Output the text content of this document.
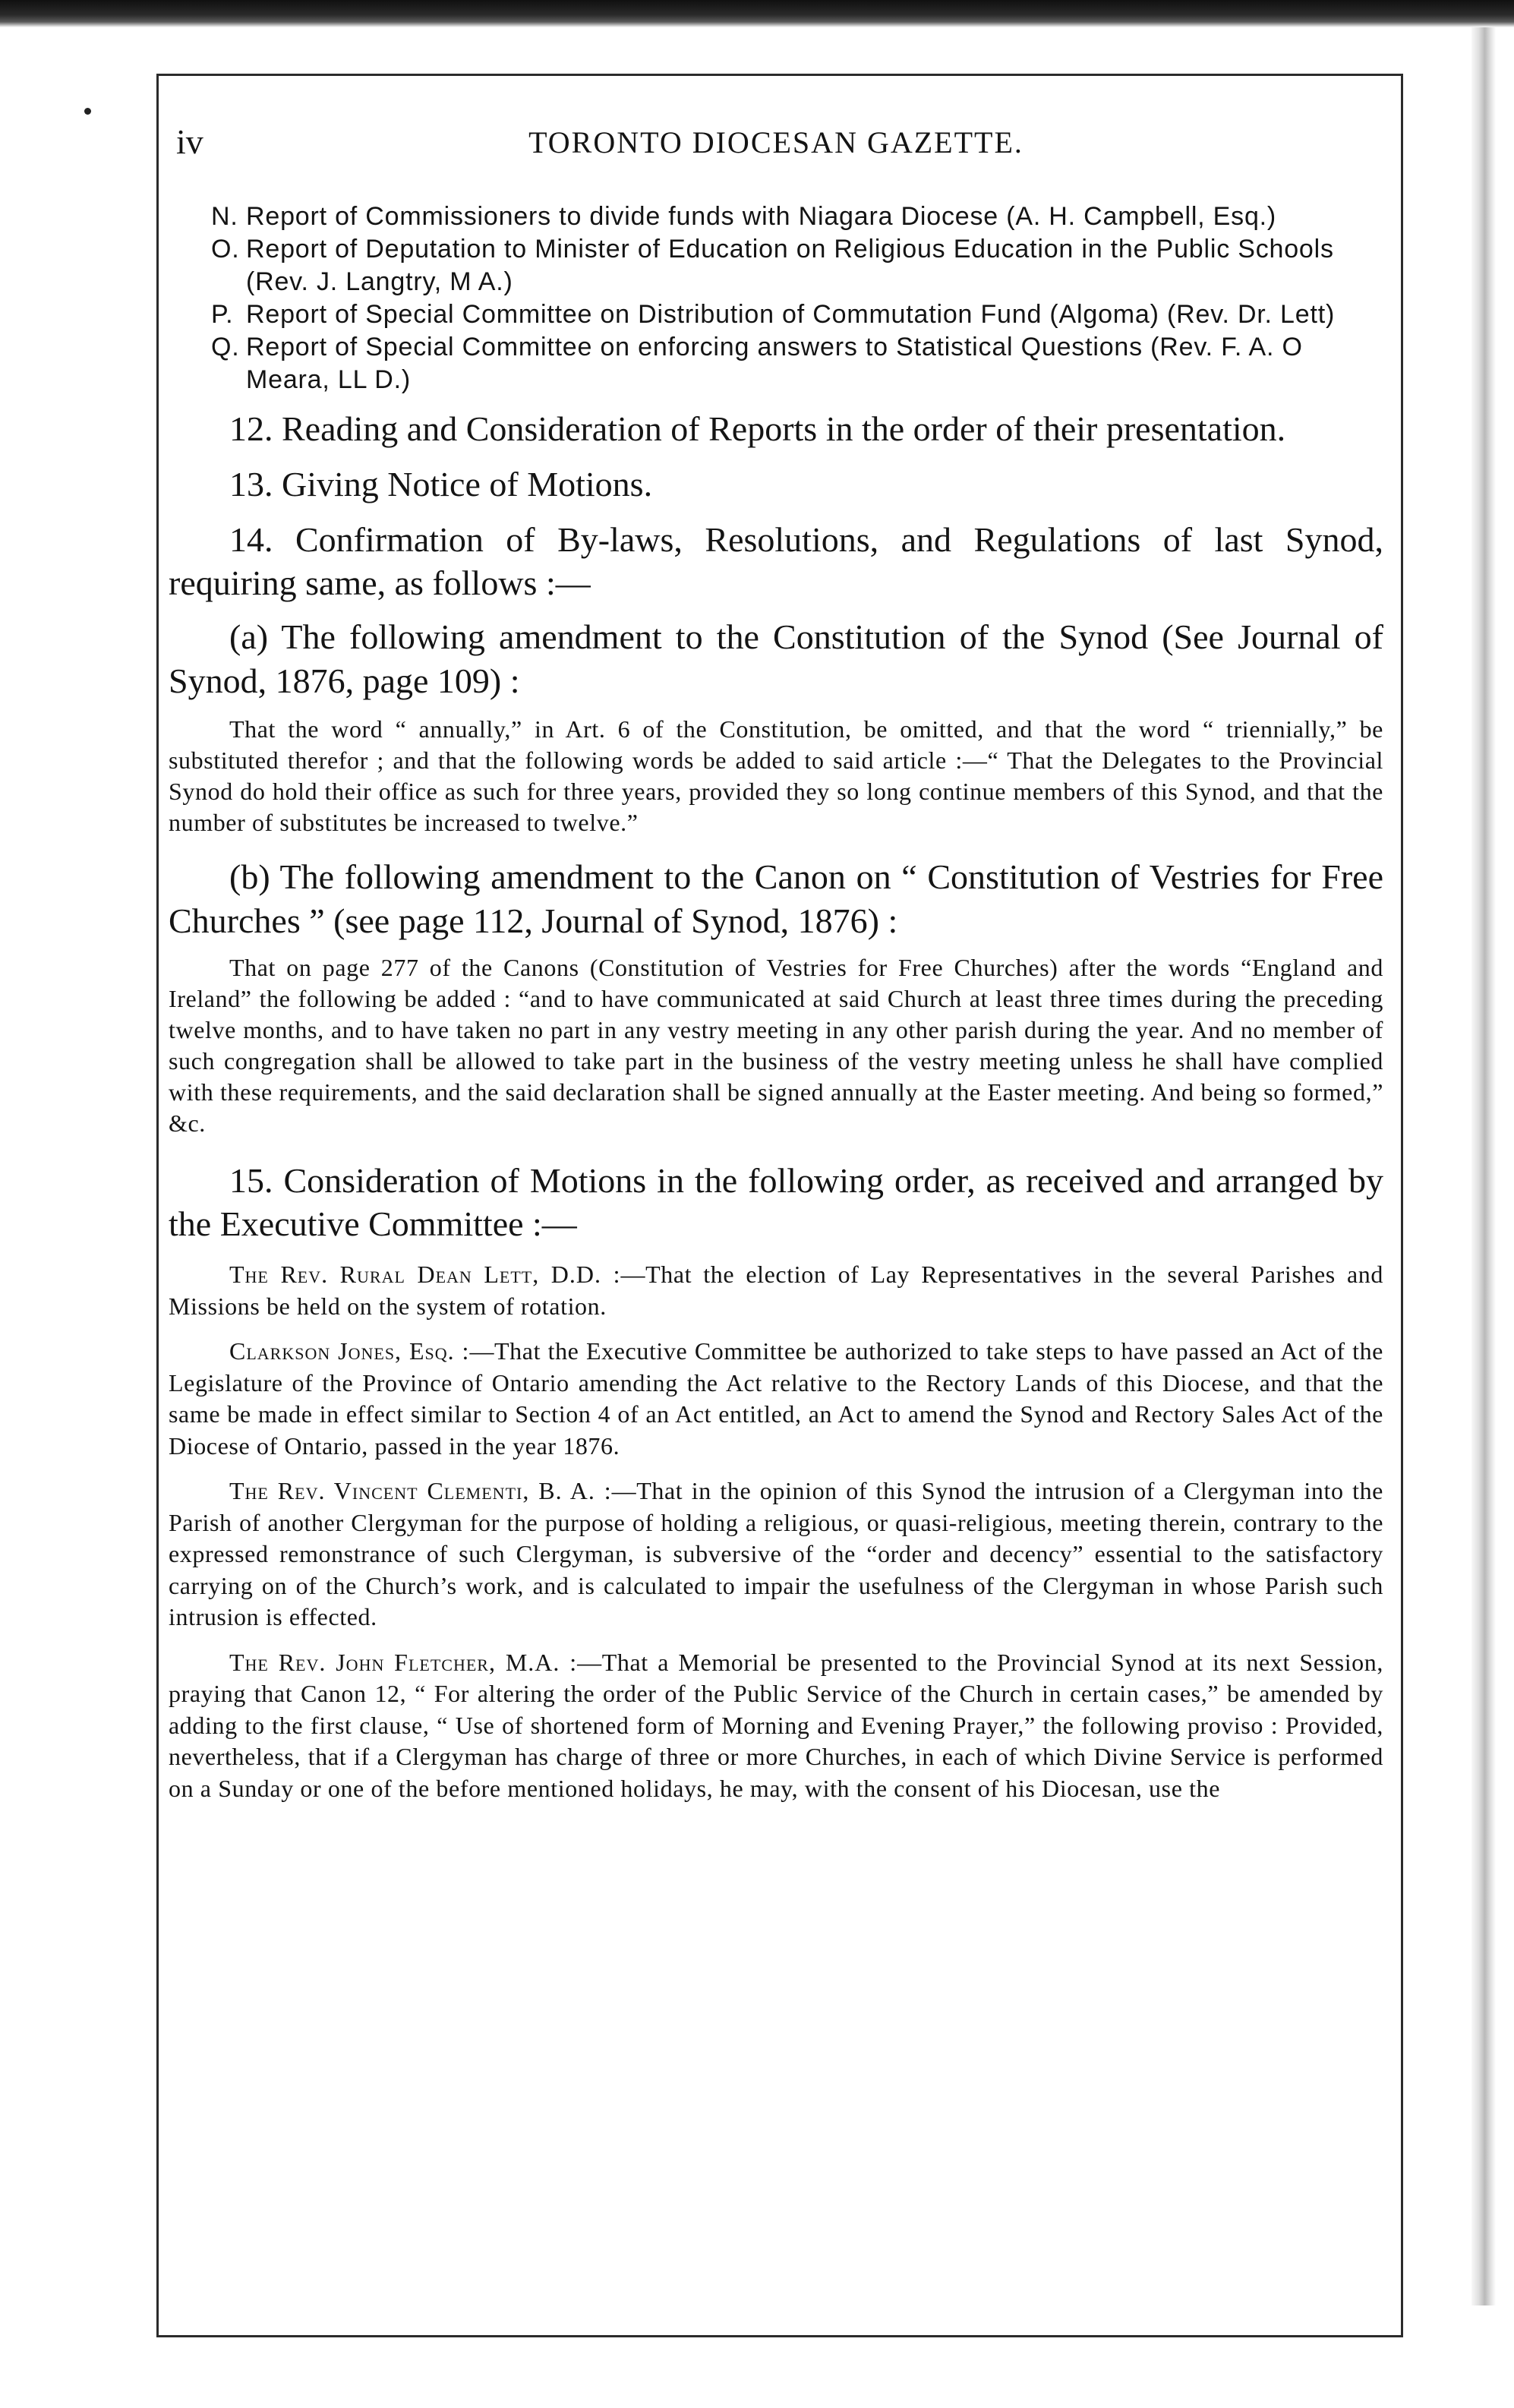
iv	TORONTO DIOCESAN GAZETTE.

N. Report of Commissioners to divide funds with Niagara Diocese (A. H. Campbell, Esq.)

O. Report of Deputation to Minister of Education on Religious Education in the Public Schools (Rev. J. Langtry, M A.)

P. Report of Special Committee on Distribution of Commutation Fund (Algoma) (Rev. Dr. Lett)

Q. Report of Special Committee on enforcing answers to Statistical Questions (Rev. F. A. O Meara, LL D.)

12. Reading and Consideration of Reports in the order of their presentation.

13. Giving Notice of Motions.

14. Confirmation of By-laws, Resolutions, and Regulations of last Synod, requiring same, as follows :—

(a) The following amendment to the Constitution of the Synod (See Journal of Synod, 1876, page 109) :

That the word “ annually,” in Art. 6 of the Constitution, be omitted, and that the word “ triennially,” be substituted therefor ; and that the following words be added to said article :—“ That the Delegates to the Provincial Synod do hold their office as such for three years, provided they so long continue members of this Synod, and that the number of substitutes be increased to twelve.”

(b) The following amendment to the Canon on “ Constitution of Vestries for Free Churches ” (see page 112, Journal of Synod, 1876) :

That on page 277 of the Canons (Constitution of Vestries for Free Churches) after the words “England and Ireland” the following be added : “and to have communicated at said Church at least three times during the preceding twelve months, and to have taken no part in any vestry meeting in any other parish during the year. And no member of such congregation shall be allowed to take part in the business of the vestry meeting unless he shall have complied with these requirements, and the said declaration shall be signed annually at the Easter meeting. And being so formed,” &c.

15. Consideration of Motions in the following order, as received and arranged by the Executive Committee :—

The Rev. Rural Dean Lett, D.D. :—That the election of Lay Representatives in the several Parishes and Missions be held on the system of rotation.

Clarkson Jones, Esq. :—That the Executive Committee be authorized to take steps to have passed an Act of the Legislature of the Province of Ontario amending the Act relative to the Rectory Lands of this Diocese, and that the same be made in effect similar to Section 4 of an Act entitled, an Act to amend the Synod and Rectory Sales Act of the Diocese of Ontario, passed in the year 1876.

The Rev. Vincent Clementi, B. A. :—That in the opinion of this Synod the intrusion of a Clergyman into the Parish of another Clergyman for the purpose of holding a religious, or quasi-religious, meeting therein, contrary to the expressed remonstrance of such Clergyman, is subversive of the “order and decency” essential to the satisfactory carrying on of the Church’s work, and is calculated to impair the usefulness of the Clergyman in whose Parish such intrusion is effected.

The Rev. John Fletcher, M.A. :—That a Memorial be presented to the Provincial Synod at its next Session, praying that Canon 12, “ For altering the order of the Public Service of the Church in certain cases,” be amended by adding to the first clause, “ Use of shortened form of Morning and Evening Prayer,” the following proviso : Provided, nevertheless, that if a Clergyman has charge of three or more Churches, in each of which Divine Service is performed on a Sunday or one of the before mentioned holidays, he may, with the consent of his Diocesan, use the
